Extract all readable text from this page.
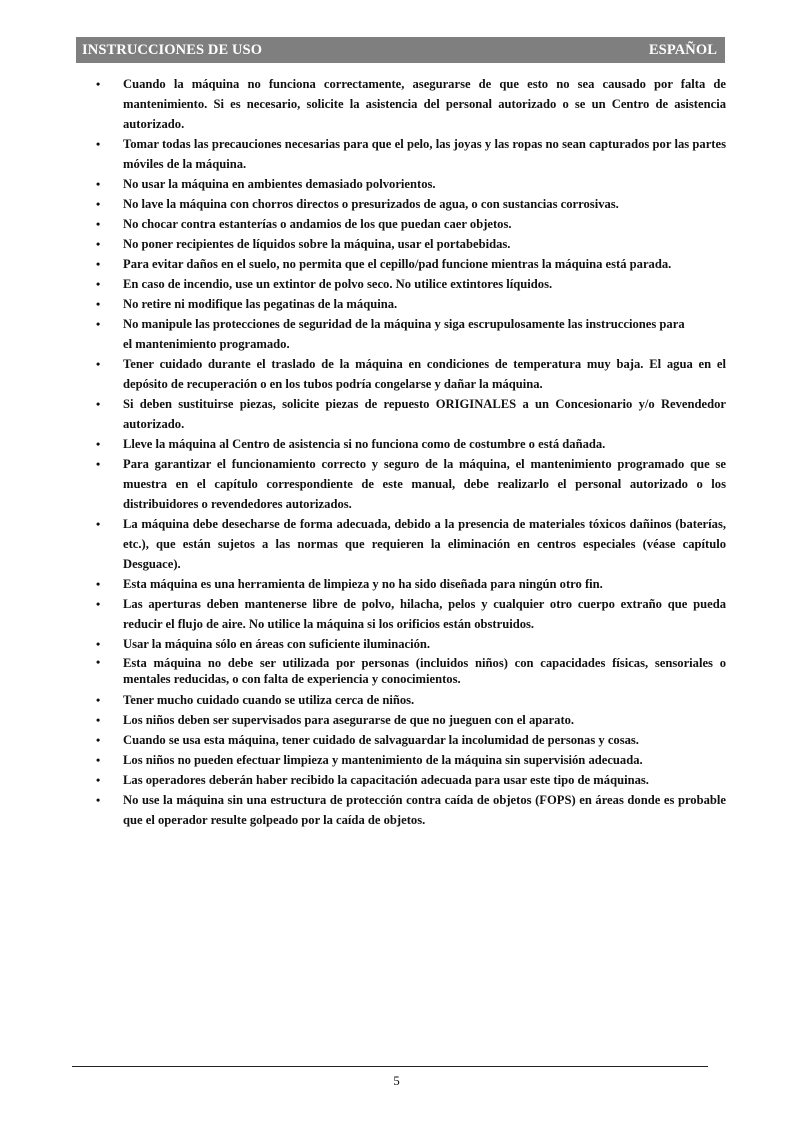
INSTRUCCIONES DE USO	ESPAÑOL
• Cuando la máquina no funciona correctamente, asegurarse de que esto no sea causado por falta de mantenimiento. Si es necesario, solicite la asistencia del personal autorizado o se un Centro de asistencia autorizado.
• Tomar todas las precauciones necesarias para que el pelo, las joyas y las ropas no sean capturados por las partes móviles de la máquina.
• No usar la máquina en ambientes demasiado polvorientos.
• No lave la máquina con chorros directos o presurizados de agua, o con sustancias corrosivas.
• No chocar contra estanterías o andamios de los que puedan caer objetos.
• No poner recipientes de líquidos sobre la máquina, usar el portabebidas.
• Para evitar daños en el suelo, no permita que el cepillo/pad funcione mientras la máquina está parada.
• En caso de incendio, use un extintor de polvo seco. No utilice extintores líquidos.
• No retire ni modifique las pegatinas de la máquina.
• No manipule las protecciones de seguridad de la máquina y siga escrupulosamente las instrucciones para
el mantenimiento programado.
• Tener cuidado durante el traslado de la máquina en condiciones de temperatura muy baja. El agua en el depósito de recuperación o en los tubos podría congelarse y dañar la máquina.
• Si deben sustituirse piezas, solicite piezas de repuesto ORIGINALES a un Concesionario y/o Revendedor autorizado.
• Lleve la máquina al Centro de asistencia si no funciona como de costumbre o está dañada.
• Para garantizar el funcionamiento correcto y seguro de la máquina, el mantenimiento programado que se muestra en el capítulo correspondiente de este manual, debe realizarlo el personal autorizado o los distribuidores o revendedores autorizados.
• La máquina debe desecharse de forma adecuada, debido a la presencia de materiales tóxicos dañinos (baterías, etc.), que están sujetos a las normas que requieren la eliminación en centros especiales (véase capítulo Desguace).
• Esta máquina es una herramienta de limpieza y no ha sido diseñada para ningún otro fin.
• Las aperturas deben mantenerse libre de polvo, hilacha, pelos y cualquier otro cuerpo extraño que pueda reducir el flujo de aire. No utilice la máquina si los orificios están obstruidos.
• Usar la máquina sólo en áreas con suficiente iluminación.
• Esta máquina no debe ser utilizada por personas (incluidos niños) con capacidades físicas, sensoriales o mentales reducidas, o con falta de experiencia y conocimientos.
• Tener mucho cuidado cuando se utiliza cerca de niños.
• Los niños deben ser supervisados para asegurarse de que no jueguen con el aparato.
• Cuando se usa esta máquina, tener cuidado de salvaguardar la incolumidad de personas y cosas.
• Los niños no pueden efectuar limpieza y mantenimiento de la máquina sin supervisión adecuada.
• Las operadores deberán haber recibido la capacitación adecuada para usar este tipo de máquinas.
• No use la máquina sin una estructura de protección contra caída de objetos (FOPS) en áreas donde es probable que el operador resulte golpeado por la caída de objetos.
5
